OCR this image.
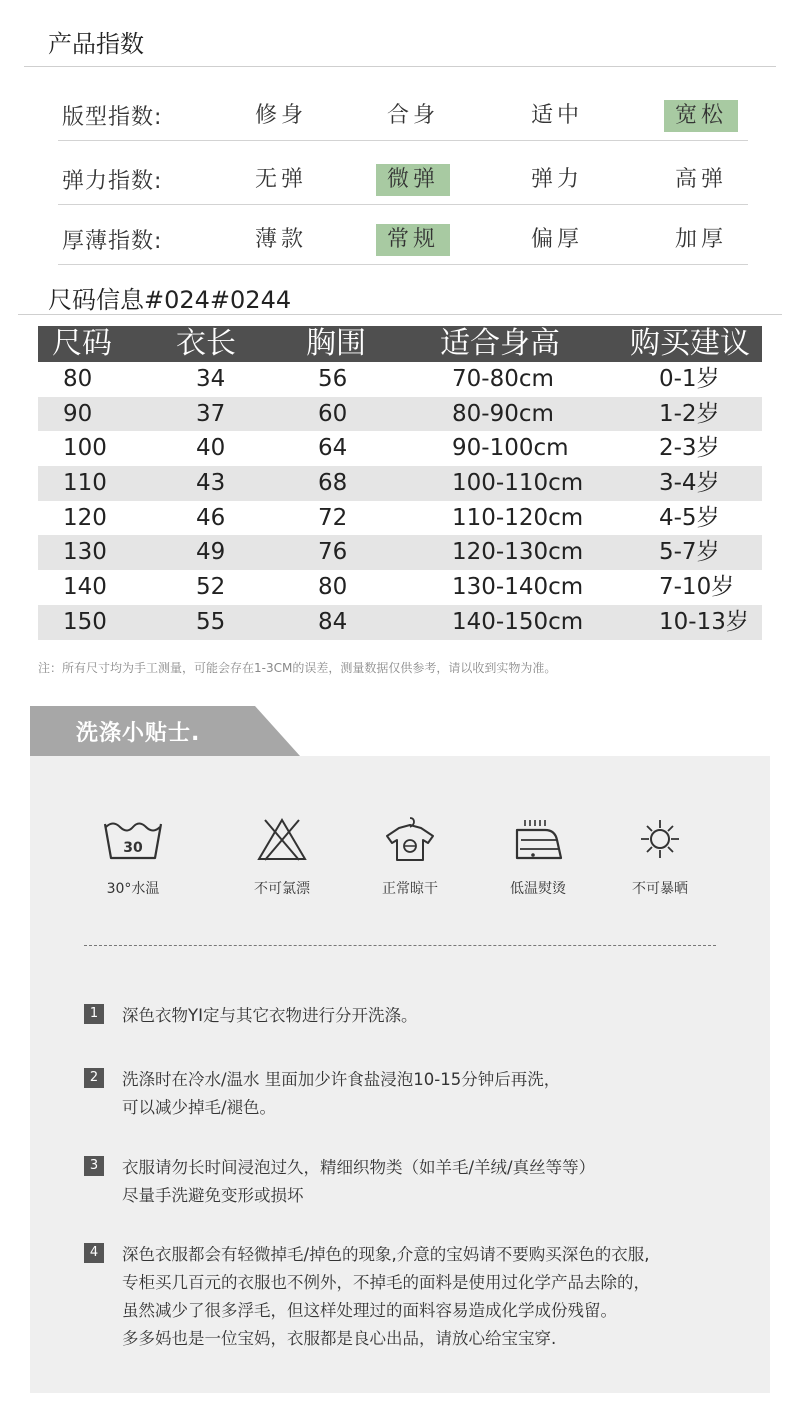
产品指数
版型指数:	修身	合身	适中	宽松
弹力指数:	无弹	微弹	弹力	高弹
厚薄指数:	薄款	常规	偏厚	加厚
尺码信息#024#0244
尺码 衣长 胸围 适合身高 购买建议
80	34	56	70-80cm	0-1岁
90	37	60	80-90cm	1-2岁
100	40	64	90-100cm	2-3岁
110	43	68	100-110cm	3-4岁
120	46	72	110-120cm	4-5岁
130	49	76	120-130cm	5-7岁
140	52	80	130-140cm	7-10岁
150	55	84	140-150cm	10-13岁
注：所有尺寸均为手工测量，可能会存在1-3CM的误差，测量数据仅供参考，请以收到实物为准。
洗涤小贴士.
30
30°水温	不可氯漂	正常晾干	低温熨烫	不可暴晒
1	深色衣物YI定与其它衣物进行分开洗涤。
2	洗涤时在冷水/温水 里面加少许食盐浸泡10-15分钟后再洗，
可以减少掉毛/褪色。
3	衣服请勿长时间浸泡过久，精细织物类（如羊毛/羊绒/真丝等等）
尽量手洗避免变形或损坏
4	深色衣服都会有轻微掉毛/掉色的现象,介意的宝妈请不要购买深色的衣服,
专柜买几百元的衣服也不例外，不掉毛的面料是使用过化学产品去除的，
虽然减少了很多浮毛，但这样处理过的面料容易造成化学成份残留。
多多妈也是一位宝妈，衣服都是良心出品，请放心给宝宝穿.
